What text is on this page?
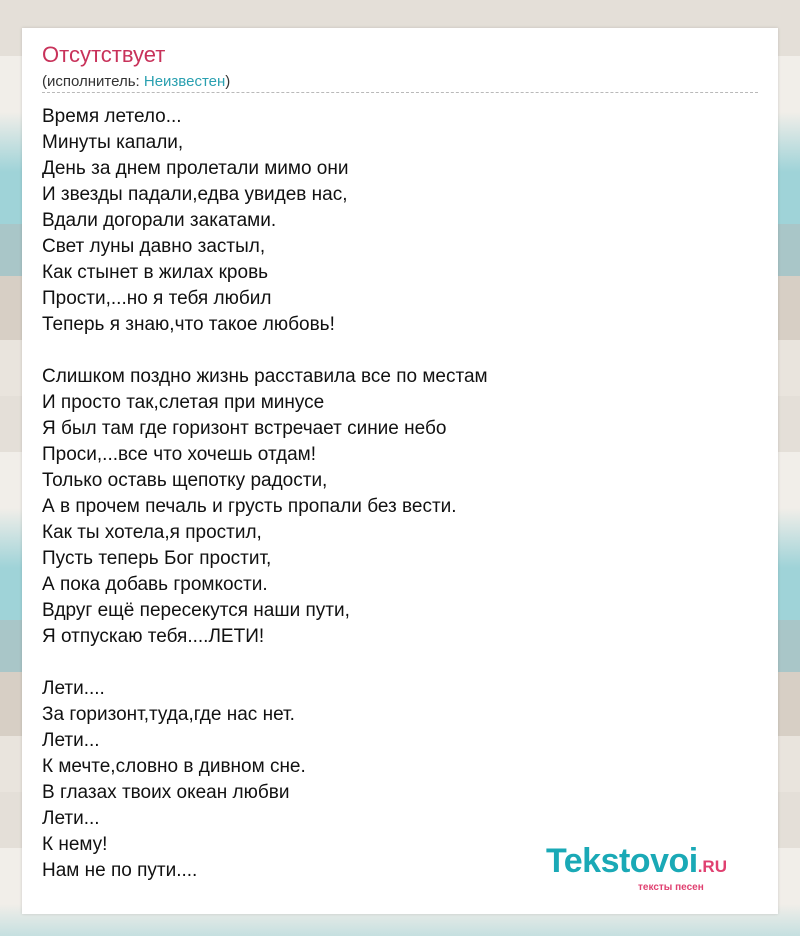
Отсутствует
(исполнитель: Неизвестен)
Время летело...
Минуты капали,
День за днем пролетали мимо они
И звезды падали,едва увидев нас,
Вдали догорали закатами.
Свет луны давно застыл,
Как стынет в жилах кровь
Прости,...но я тебя любил
Теперь я знаю,что такое любовь!
Слишком поздно жизнь расставила все по местам
И просто так,слетая при минусе
Я был там где горизонт встречает синие небо
Проси,...все что хочешь отдам!
Только оставь щепотку радости,
А в прочем печаль и грусть пропали без вести.
Как ты хотела,я простил,
Пусть теперь Бог простит,
А пока добавь громкости.
Вдруг ещё пересекутся наши пути,
Я отпускаю тебя....ЛЕТИ!
Лети....
За горизонт,туда,где нас нет.
Лети...
К мечте,словно в дивном сне.
В глазах твоих океан любви
Лети...
К нему!
Нам не по пути....	Tekstovoi.RU
тексты песен
